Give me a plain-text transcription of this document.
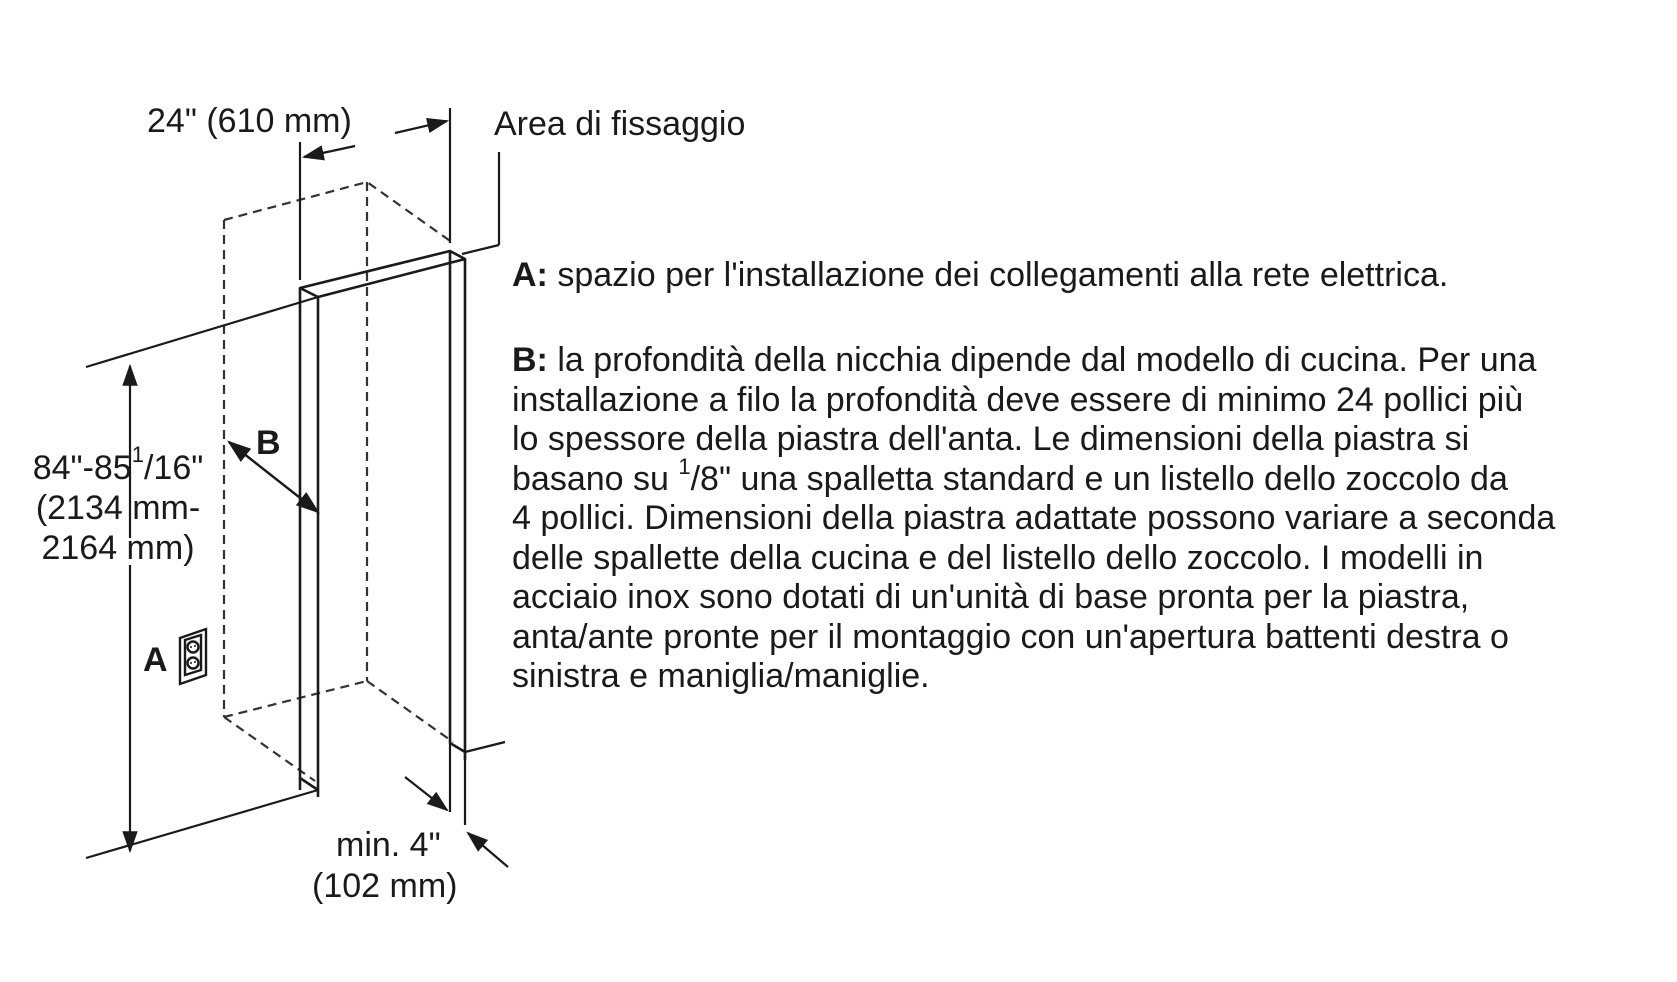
24" (610 mm)	Area di fissaggio
$84"-85^1/16$"
(2134 mm-
2164 mm)
B
A
min. 4"
(102 mm)
A: spazio per l'installazione dei collegamenti alla rete elettrica.
B: la profondità della nicchia dipende dal modello di cucina. Per una
installazione a filo la profondità deve essere di minimo 24 pollici più
lo spessore della piastra dell'anta. Le dimensioni della piastra si
basano su $^1$/8" una spalletta standard e un listello dello zoccolo da
4 pollici. Dimensioni della piastra adattate possono variare a seconda
delle spallette della cucina e del listello dello zoccolo. I modelli in
acciaio inox sono dotati di un'unità di base pronta per la piastra,
anta/ante pronte per il montaggio con un'apertura battenti destra o
sinistra e maniglia/maniglie.
